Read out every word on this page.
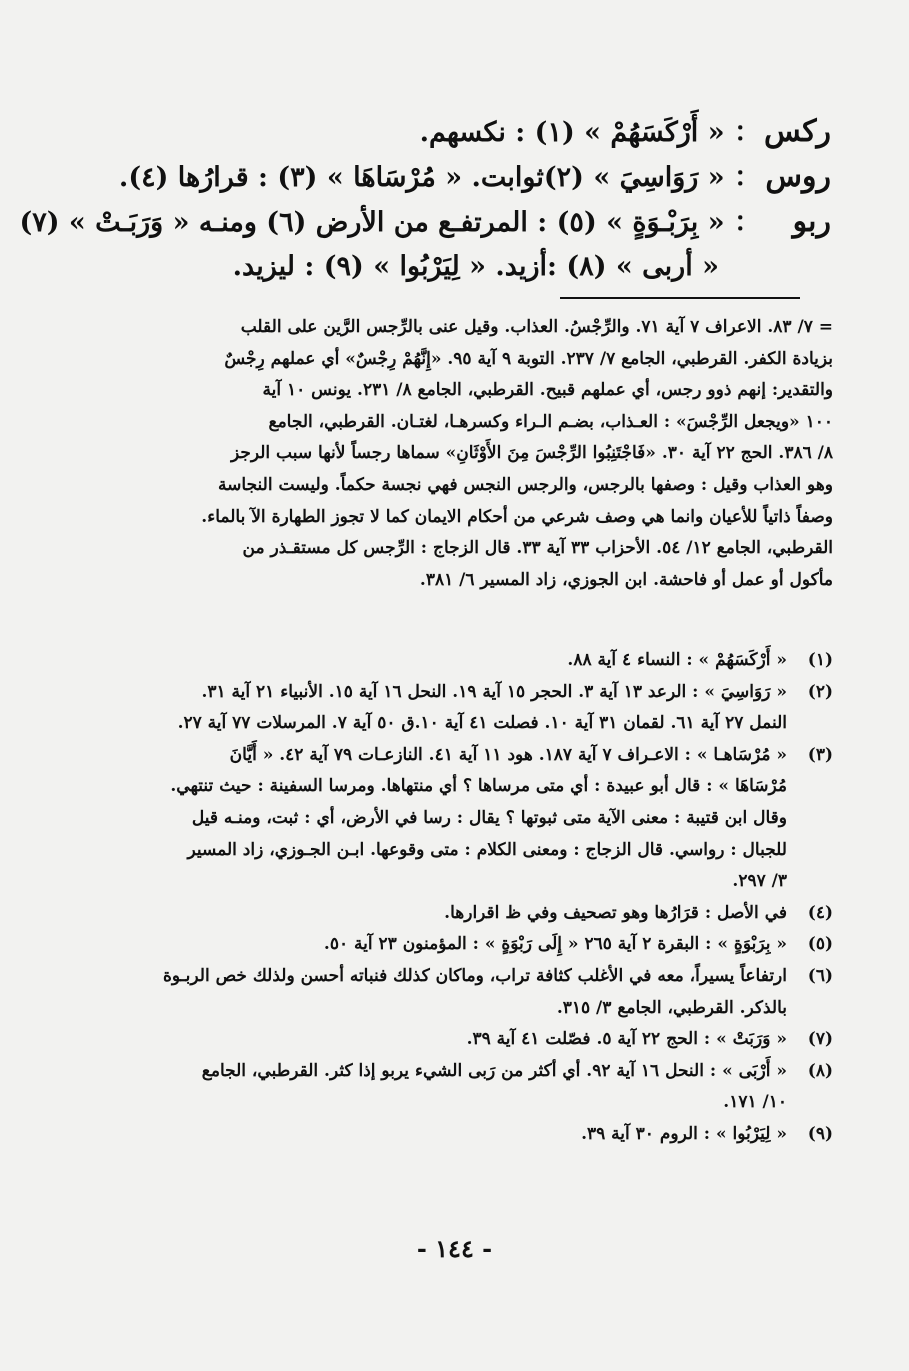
ركس： « أَرْكَسَهُمْ » (١) : نكسهم.
روس： « رَوَاسِيَ » (٢)ثوابت. « مُرْسَاهَا » (٣) : قرارُها (٤).
ربو： « بِرَبْـوَةٍ » (٥) : المرتفـع من الأرض (٦) ومنـه « وَرَبَـتْ » (٧)
« أربى » (٨) :أزيد. « لِيَرْبُوا » (٩) : ليزيد.
= ٧/ ٨٣. الاعراف ٧ آية ٧١. والرِّجْسُ. العذاب. وقيل عنى بالرِّجس الرَّين على القلب
بزيادة الكفر. القرطبي، الجامع ٧/ ٢٣٧. التوبة ٩ آية ٩٥. «إِنَّهُمْ رِجْسٌ» أي عملهم رِجْسٌ
والتقدير: إنهم ذوو رجس، أي عملهم قبيح. القرطبي، الجامع ٨/ ٢٣١. يونس ١٠ آية
١٠٠ «ويجعل الرِّجْسَ» : العـذاب، بضـم الـراء وكسرهـا، لغتـان. القرطبي، الجامع
٨/ ٣٨٦. الحج ٢٢ آية ٣٠. «فَاجْتَنِبُوا الرِّجْسَ مِنَ الأَوْثَانِ» سماها رجساً لأنها سبب الرجز
وهو العذاب وقيل : وصفها بالرجس، والرجس النجس فهي نجسة حكماً. وليست النجاسة
وصفاً ذاتياً للأعيان وانما هي وصف شرعي من أحكام الايمان كما لا تجوز الطهارة الآ بالماء.
القرطبي، الجامع ١٢/ ٥٤. الأحزاب ٣٣ آية ٣٣. قال الزجاج : الرِّجس كل مستقـذر من
مأكول أو عمل أو فاحشة. ابن الجوزي، زاد المسير ٦/ ٣٨١.
(١)
« أَرْكَسَهُمْ » : النساء ٤ آية ٨٨.
(٢)
« رَوَاسِيَ » : الرعد ١٣ آية ٣. الحجر ١٥ آية ١٩. النحل ١٦ آية ١٥. الأنبياء ٢١ آية ٣١.
النمل ٢٧ آية ٦١. لقمان ٣١ آية ١٠. فصلت ٤١ آية ١٠.ق ٥٠ آية ٧. المرسلات ٧٧ آية ٢٧.
(٣)
« مُرْسَاهـا » : الاعـراف ٧ آية ١٨٧. هود ١١ آية ٤١. النازعـات ٧٩ آية ٤٢. « أَيَّانَ
مُرْسَاهَا » : قال أبو عبيدة : أي متى مرساها ؟ أي منتهاها. ومرسا السفينة : حيث تنتهي.
وقال ابن قتيبة : معنى الآية متى ثبوتها ؟ يقال : رسا في الأرض، أي : ثبت، ومنـه قيل
للجبال : رواسي. قال الزجاج : ومعنى الكلام : متى وقوعها. ابـن الجـوزي، زاد المسير
٣/ ٢٩٧.
(٤)
في الأصل : قرَارُها وهو تصحيف وفي ظ اقرارها.
(٥)
« بِرَبْوَةٍ » : البقرة ٢ آية ٢٦٥ « إِلَى رَبْوَةٍ » : المؤمنون ٢٣ آية ٥٠.
(٦)
ارتفاعاً يسيراً، معه في الأغلب كثافة تراب، وماكان كذلك فنباته أحسن ولذلك خص الربـوة
بالذكر. القرطبي، الجامع ٣/ ٣١٥.
(٧)
« وَرَبَتْ » : الحج ٢٢ آية ٥. فصّلت ٤١ آية ٣٩.
(٨)
« أَرْبَى » : النحل ١٦ آية ٩٢. أي أكثر من رَبى الشيء يربو إذا كثر. القرطبي، الجامع
١٠/ ١٧١.
(٩)
« لِيَرْبُوا » : الروم ٣٠ آية ٣٩.
- ١٤٤ -
